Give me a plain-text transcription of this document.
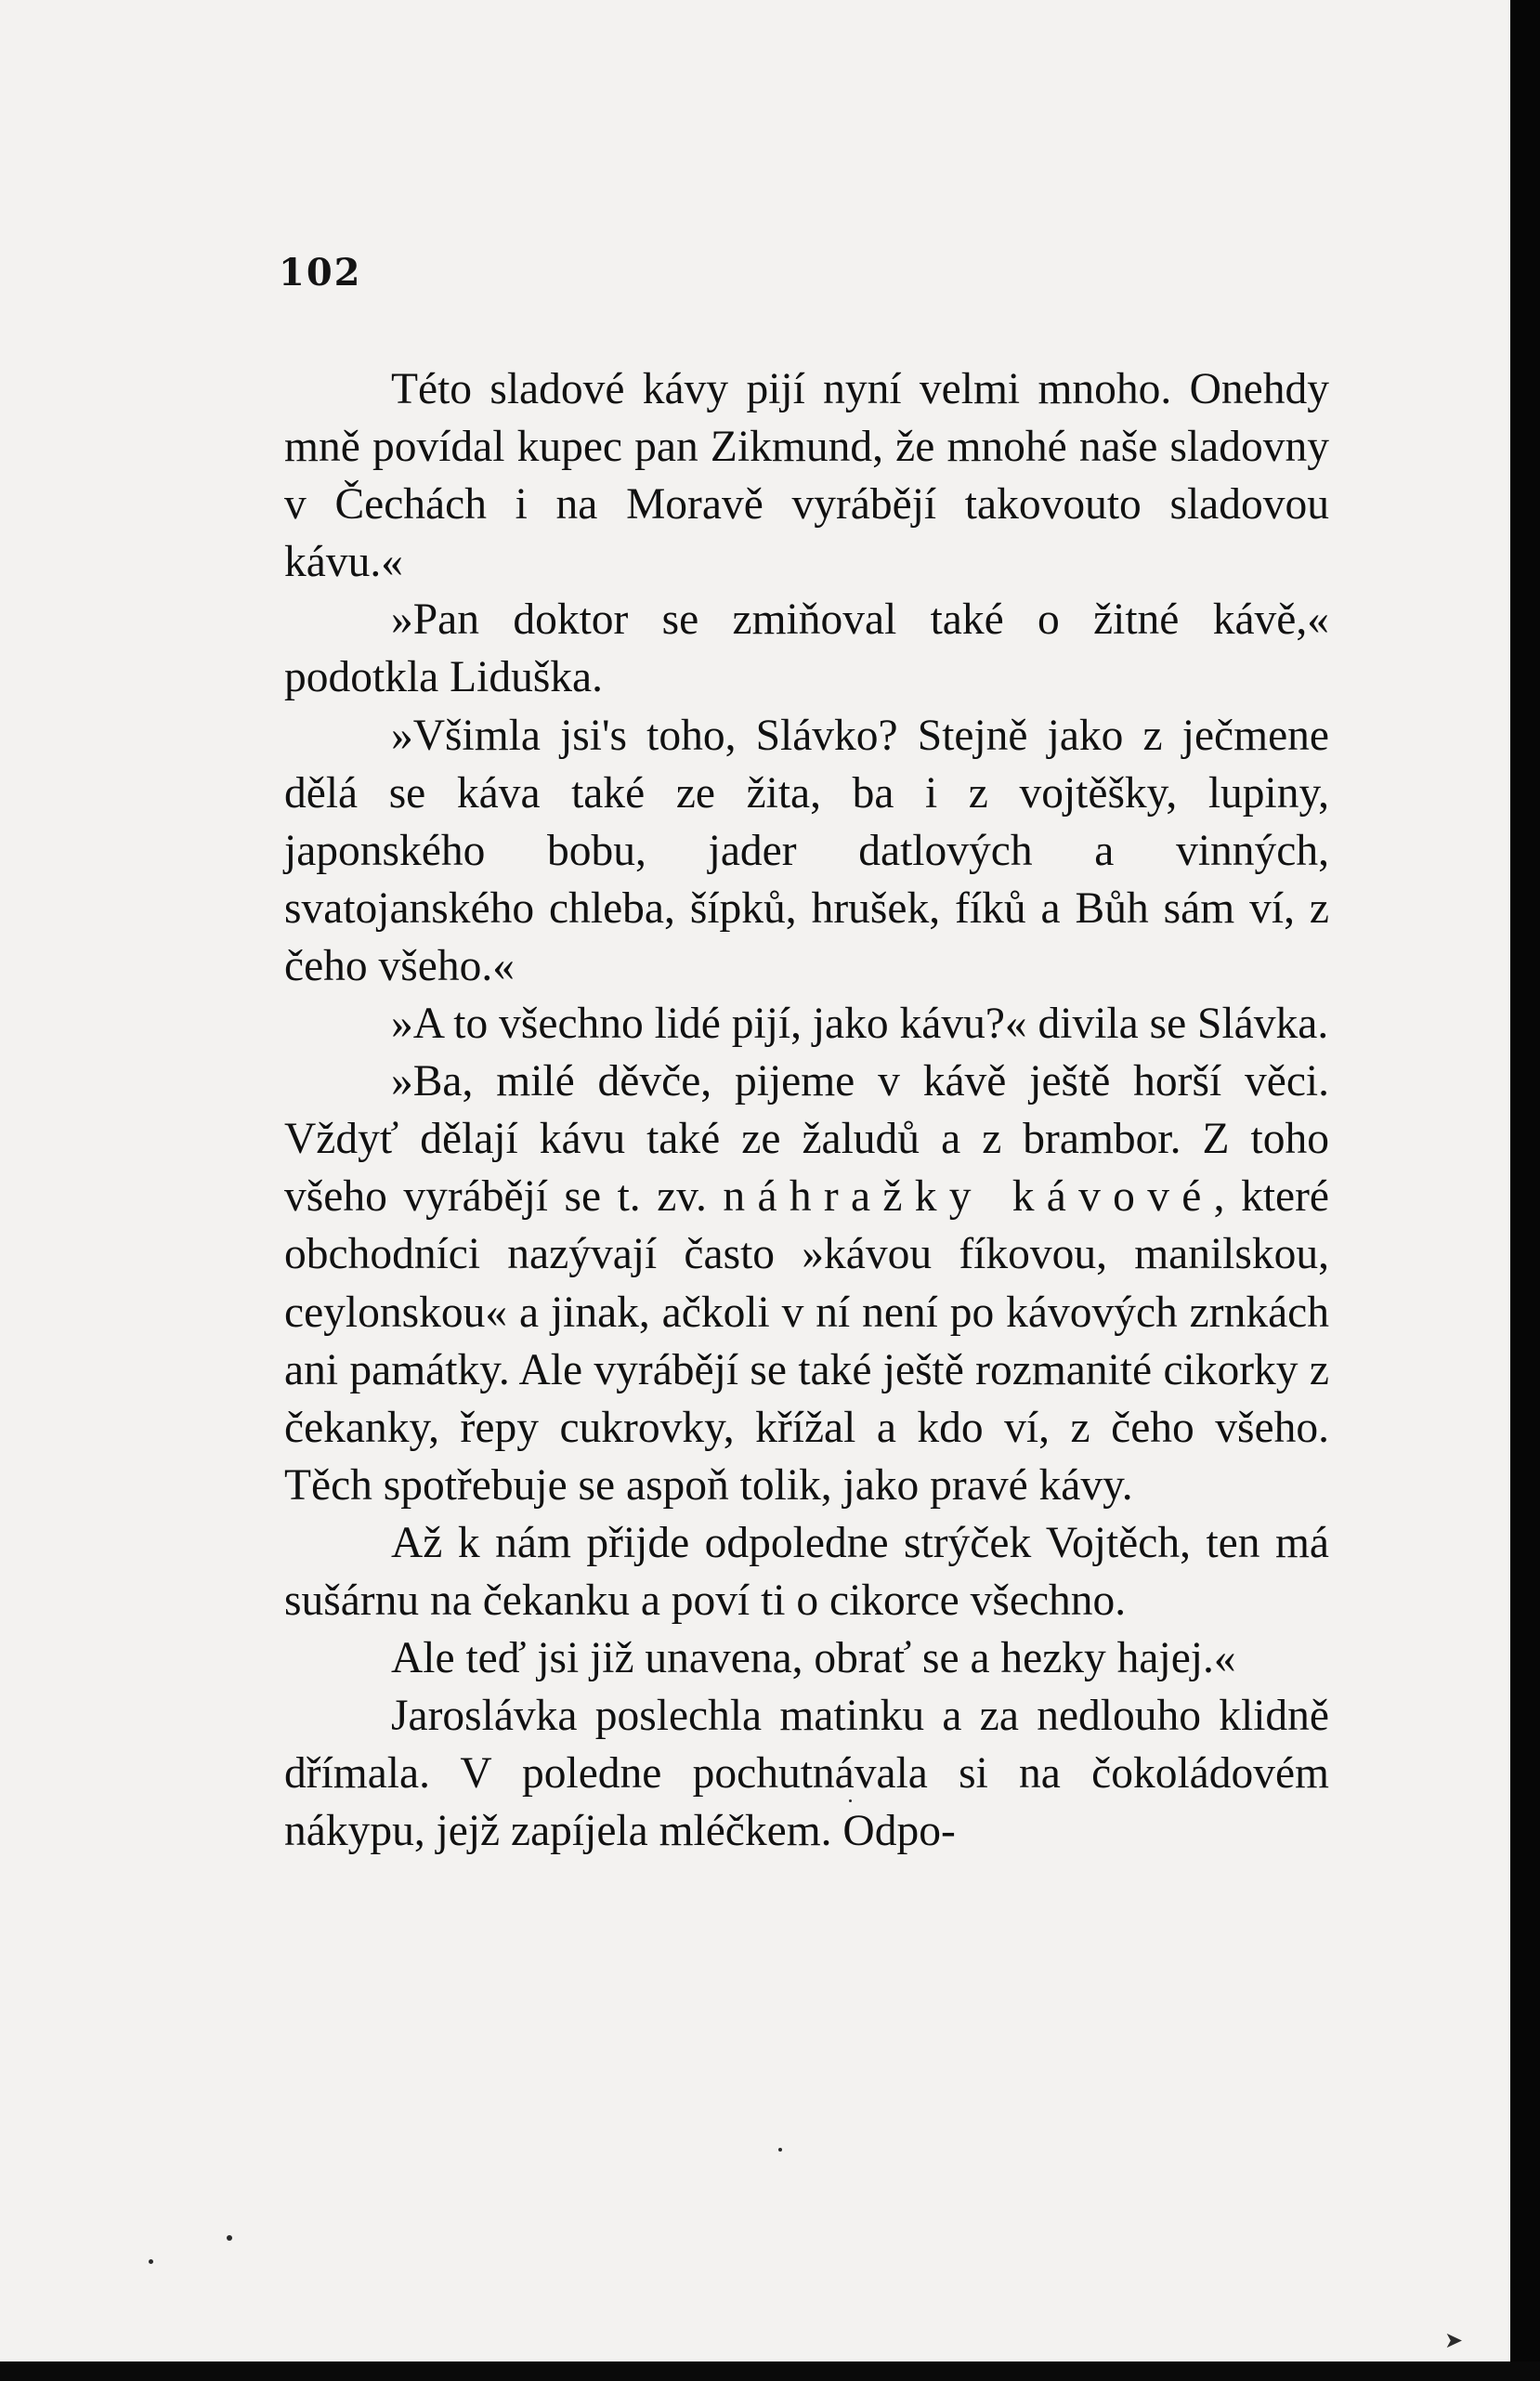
102

Této sladové kávy pijí nyní velmi mnoho. Onehdy mně povídal kupec pan Zikmund, že mnohé naše sladovny v Čechách i na Moravě vyrábějí takovouto sladovou kávu.«

»Pan doktor se zmiňoval také o žitné kávě,« podotkla Liduška.

»Všimla jsi's toho, Slávko? Stejně jako z ječmene dělá se káva také ze žita, ba i z vojtěšky, lupiny, japonského bobu, jader datlových a vinných, svatojanského chleba, šípků, hrušek, fíků a Bůh sám ví, z čeho všeho.«

»A to všechno lidé pijí, jako kávu?« divila se Slávka.

»Ba, milé děvče, pijeme v kávě ještě horší věci. Vždyť dělají kávu také ze žaludů a z brambor. Z toho všeho vyrábějí se t. zv. náhražky kávové, které obchodníci nazývají často »kávou fíkovou, manilskou, ceylonskou« a jinak, ačkoli v ní není po kávových zrnkách ani památky. Ale vyrábějí se také ještě rozmanité cikorky z čekanky, řepy cukrovky, křížal a kdo ví, z čeho všeho. Těch spotřebuje se aspoň tolik, jako pravé kávy.

Až k nám přijde odpoledne strýček Vojtěch, ten má sušárnu na čekanku a poví ti o cikorce všechno.

Ale teď jsi již unavena, obrať se a hezky hajej.«

Jaroslávka poslechla matinku a za nedlouho klidně dřímala. V poledne pochutnávala si na čokoládovém nákypu, jejž zapíjela mléčkem. Odpo-

➤
